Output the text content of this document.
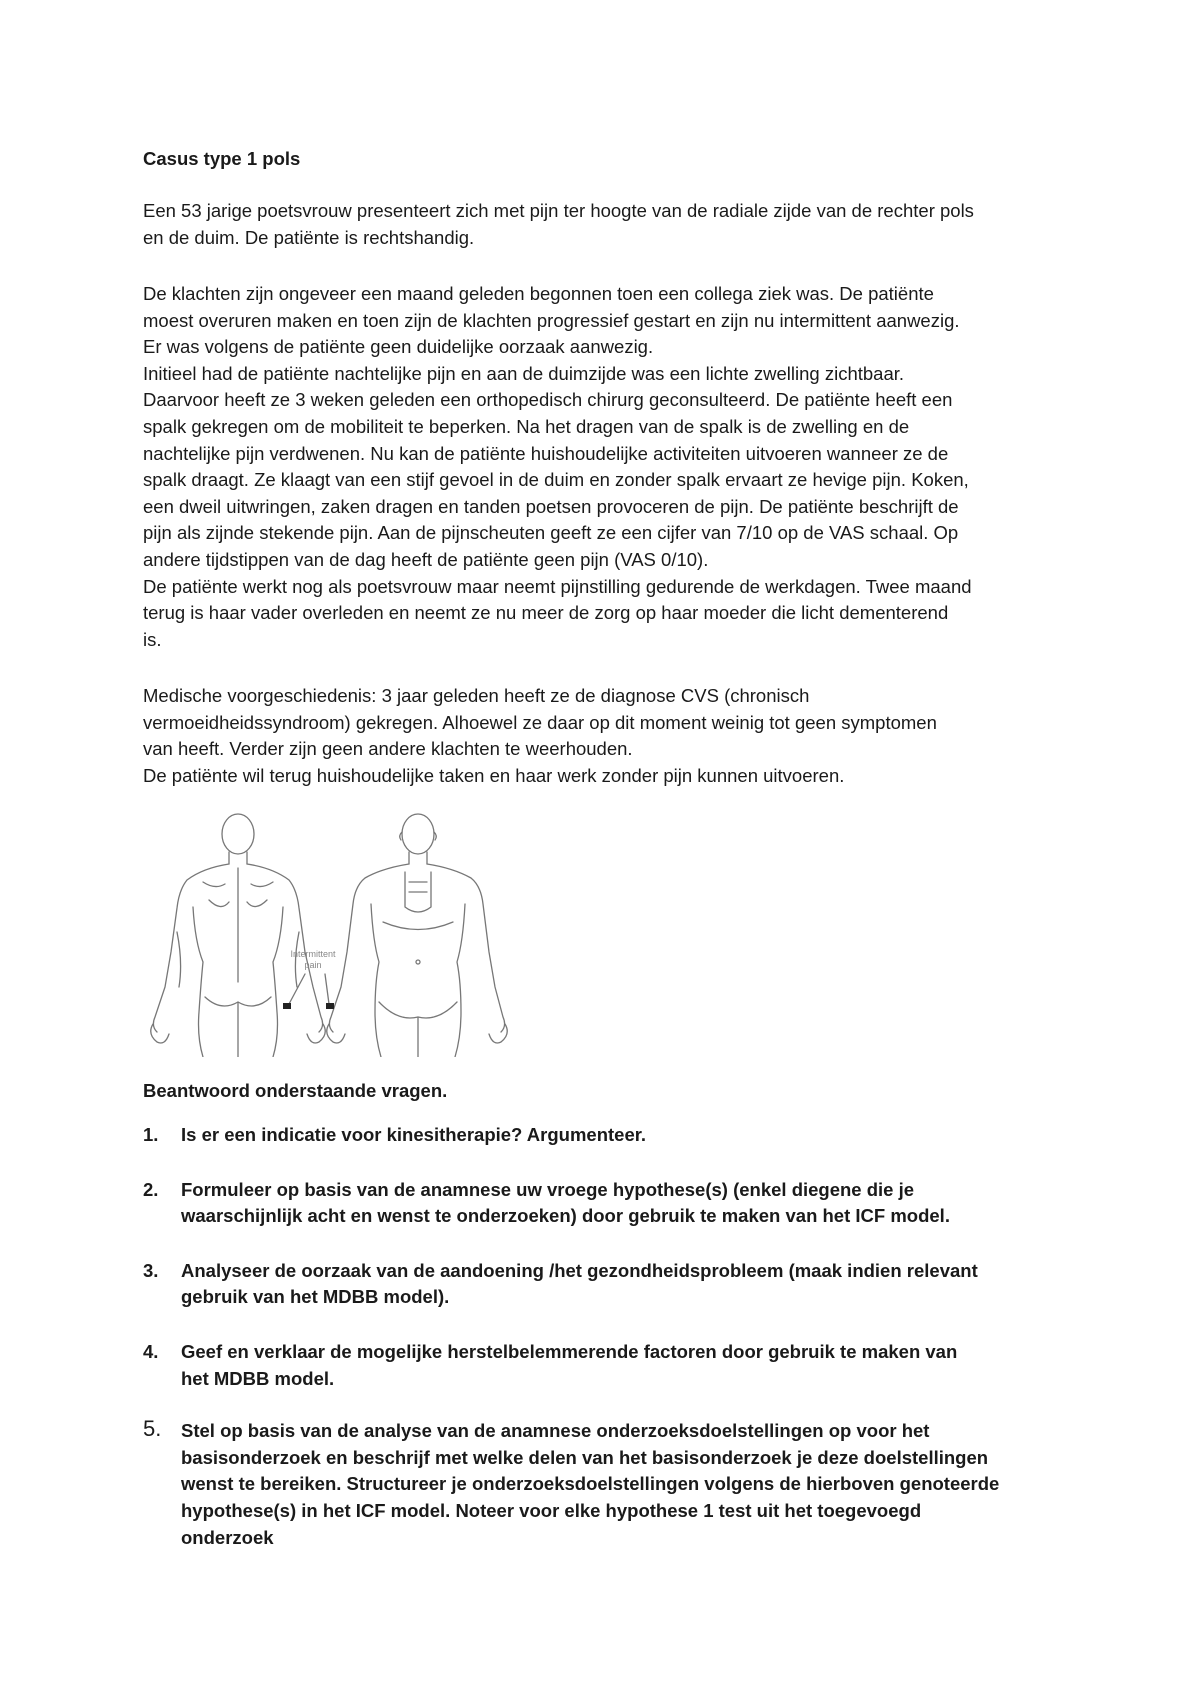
Casus type 1 pols
Een 53 jarige poetsvrouw presenteert zich met pijn ter hoogte van de radiale zijde van de rechter pols
en de duim. De patiënte is rechtshandig.
De klachten zijn ongeveer een maand geleden begonnen toen een collega ziek was. De patiënte
moest overuren maken en toen zijn de klachten progressief gestart en zijn nu intermittent aanwezig.
Er was volgens de patiënte geen duidelijke oorzaak aanwezig.
Initieel had de patiënte nachtelijke pijn en aan de duimzijde was een lichte zwelling zichtbaar.
Daarvoor heeft ze 3 weken geleden een orthopedisch chirurg geconsulteerd. De patiënte heeft een
spalk gekregen om de mobiliteit te beperken. Na het dragen van de spalk is de zwelling en de
nachtelijke pijn verdwenen. Nu kan de patiënte huishoudelijke activiteiten uitvoeren wanneer ze de
spalk draagt. Ze klaagt van een stijf gevoel in de duim en zonder spalk ervaart ze hevige pijn. Koken,
een dweil uitwringen, zaken dragen en tanden poetsen provoceren de pijn. De patiënte beschrijft de
pijn als zijnde stekende pijn. Aan de pijnscheuten geeft ze een cijfer van 7/10 op de VAS schaal. Op
andere tijdstippen van de dag heeft de patiënte geen pijn (VAS 0/10).
De patiënte werkt nog als poetsvrouw maar neemt pijnstilling gedurende de werkdagen. Twee maand
terug is haar vader overleden en neemt ze nu meer de zorg op haar moeder die licht dementerend
is.
Medische voorgeschiedenis: 3 jaar geleden heeft ze de diagnose CVS (chronisch
vermoeidheidssyndroom) gekregen. Alhoewel ze daar op dit moment weinig tot geen symptomen
van heeft. Verder zijn geen andere klachten te weerhouden.
De patiënte wil terug huishoudelijke taken en haar werk zonder pijn kunnen uitvoeren.
Intermittent
pain
Beantwoord onderstaande vragen.
1. Is er een indicatie voor kinesitherapie? Argumenteer.
2. Formuleer op basis van de anamnese uw vroege hypothese(s) (enkel diegene die je
waarschijnlijk acht en wenst te onderzoeken) door gebruik te maken van het ICF model.
3. Analyseer de oorzaak van de aandoening /het gezondheidsprobleem (maak indien relevant
gebruik van het MDBB model).
4. Geef en verklaar de mogelijke herstelbelemmerende factoren door gebruik te maken van
het MDBB model.
5. Stel op basis van de analyse van de anamnese onderzoeksdoelstellingen op voor het
basisonderzoek en beschrijf met welke delen van het basisonderzoek je deze doelstellingen
wenst te bereiken. Structureer je onderzoeksdoelstellingen volgens de hierboven genoteerde
hypothese(s) in het ICF model. Noteer voor elke hypothese 1 test uit het toegevoegd
onderzoek
